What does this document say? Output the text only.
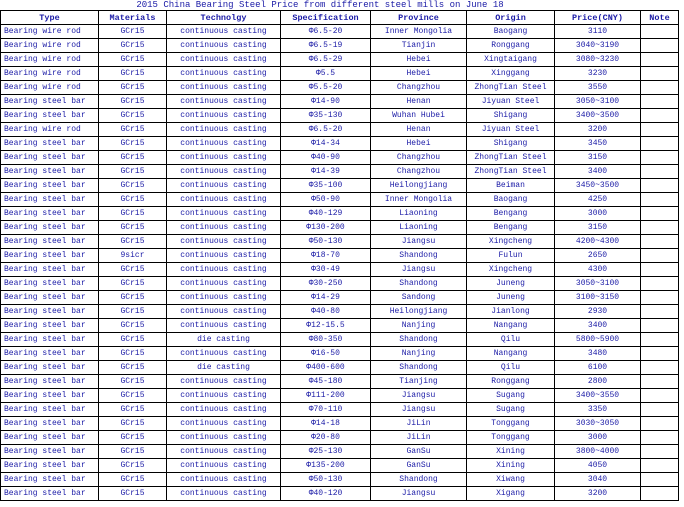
2015 China Bearing Steel Price from different steel mills on June 18
Type	Materials	Technolgy	Specification	Province	Origin	Price(CNY)	Note
Bearing wire rod	GCr15	continuous casting	Φ6.5-20	Inner Mongolia	Baogang	3110	
Bearing wire rod	GCr15	continuous casting	Φ6.5-19	Tianjin	Ronggang	3040~3190	
Bearing wire rod	GCr15	continuous casting	Φ6.5-29	Hebei	Xingtaigang	3080~3230	
Bearing wire rod	GCr15	continuous casting	Φ5.5	Hebei	Xinggang	3230	
Bearing wire rod	GCr15	continuous casting	Φ5.5-20	Changzhou	ZhongTian Steel	3550	
Bearing steel bar	GCr15	continuous casting	Φ14-90	Henan	Jiyuan Steel	3050~3100	
Bearing steel bar	GCr15	continuous casting	Φ35-130	Wuhan Hubei	Shigang	3400~3500	
Bearing wire rod	GCr15	continuous casting	Φ6.5-20	Henan	Jiyuan Steel	3200	
Bearing steel bar	GCr15	continuous casting	Φ14-34	Hebei	Shigang	3450	
Bearing steel bar	GCr15	continuous casting	Φ40-90	Changzhou	ZhongTian Steel	3150	
Bearing steel bar	GCr15	continuous casting	Φ14-39	Changzhou	ZhongTian Steel	3400	
Bearing steel bar	GCr15	continuous casting	Φ35-100	Heilongjiang	Beiman	3450~3500	
Bearing steel bar	GCr15	continuous casting	Φ50-90	Inner Mongolia	Baogang	4250	
Bearing steel bar	GCr15	continuous casting	Φ40-129	Liaoning	Bengang	3000	
Bearing steel bar	GCr15	continuous casting	Φ130-200	Liaoning	Bengang	3150	
Bearing steel bar	GCr15	continuous casting	Φ50-130	Jiangsu	Xingcheng	4200~4300	
Bearing steel bar	9sicr	continuous casting	Φ18-70	Shandong	Fulun	2650	
Bearing steel bar	GCr15	continuous casting	Φ30-49	Jiangsu	Xingcheng	4300	
Bearing steel bar	GCr15	continuous casting	Φ30-250	Shandong	Juneng	3050~3100	
Bearing steel bar	GCr15	continuous casting	Φ14-29	Sandong	Juneng	3100~3150	
Bearing steel bar	GCr15	continuous casting	Φ40-80	Heilongjiang	Jianlong	2930	
Bearing steel bar	GCr15	continuous casting	Φ12-15.5	Nanjing	Nangang	3400	
Bearing steel bar	GCr15	die casting	Φ80-350	Shandong	Qilu	5800~5900	
Bearing steel bar	GCr15	continuous casting	Φ16-50	Nanjing	Nangang	3480	
Bearing steel bar	GCr15	die casting	Φ400-600	Shandong	Qilu	6100	
Bearing steel bar	GCr15	continuous casting	Φ45-180	Tianjing	Ronggang	2800	
Bearing steel bar	GCr15	continuous casting	Φ111-200	Jiangsu	Sugang	3400~3550	
Bearing steel bar	GCr15	continuous casting	Φ70-110	Jiangsu	Sugang	3350	
Bearing steel bar	GCr15	continuous casting	Φ14-18	JiLin	Tonggang	3030~3050	
Bearing steel bar	GCr15	continuous casting	Φ20-80	JiLin	Tonggang	3000	
Bearing steel bar	GCr15	continuous casting	Φ25-130	GanSu	Xining	3800~4000	
Bearing steel bar	GCr15	continuous casting	Φ135-200	GanSu	Xining	4050	
Bearing steel bar	GCr15	continuous casting	Φ50-130	Shandong	Xiwang	3040	
Bearing steel bar	GCr15	continuous casting	Φ40-120	Jiangsu	Xigang	3200	
